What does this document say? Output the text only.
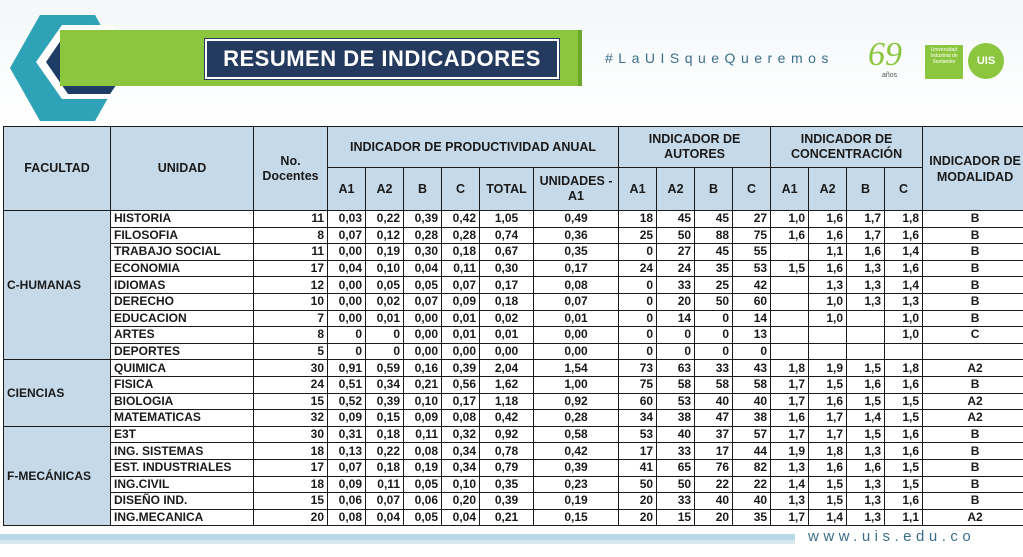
RESUMEN DE INDICADORES	#LaUISqueQueremos 69
años
Universidad Industrial de Santander	UIS
FACULTAD	UNIDAD	No. Docentes	INDICADOR DE PRODUCTIVIDAD ANUAL						INDICADOR DE AUTORES				INDICADOR DE CONCENTRACIÓN				INDICADOR DE MODALIDAD
			A1	A2	B	C	TOTAL	UNIDADES -A1	A1	A2	B	C	A1	A2	B	C	
C-HUMANAS	HISTORIA	11	0,03	0,22	0,39	0,42	1,05	0,49	18	45	45	27	1,0	1,6	1,7	1,8	B
	FILOSOFIA	8	0,07	0,12	0,28	0,28	0,74	0,36	25	50	88	75	1,6	1,6	1,7	1,6	B
	TRABAJO SOCIAL	11	0,00	0,19	0,30	0,18	0,67	0,35	0	27	45	55		1,1	1,6	1,4	B
	ECONOMIA	17	0,04	0,10	0,04	0,11	0,30	0,17	24	24	35	53	1,5	1,6	1,3	1,6	B
	IDIOMAS	12	0,00	0,05	0,05	0,07	0,17	0,08	0	33	25	42		1,3	1,3	1,4	B
	DERECHO	10	0,00	0,02	0,07	0,09	0,18	0,07	0	20	50	60		1,0	1,3	1,3	B
	EDUCACION	7	0,00	0,01	0,00	0,01	0,02	0,01	0	14	0	14		1,0		1,0	B
	ARTES	8	0	0	0,00	0,01	0,01	0,00	0	0	0	13				1,0	C
	DEPORTES	5	0	0	0,00	0,00	0,00	0,00	0	0	0	0					
CIENCIAS	QUIMICA	30	0,91	0,59	0,16	0,39	2,04	1,54	73	63	33	43	1,8	1,9	1,5	1,8	A2
	FISICA	24	0,51	0,34	0,21	0,56	1,62	1,00	75	58	58	58	1,7	1,5	1,6	1,6	B
	BIOLOGIA	15	0,52	0,39	0,10	0,17	1,18	0,92	60	53	40	40	1,7	1,6	1,5	1,5	A2
	MATEMATICAS	32	0,09	0,15	0,09	0,08	0,42	0,28	34	38	47	38	1,6	1,7	1,4	1,5	A2
F-MECÁNICAS	E3T	30	0,31	0,18	0,11	0,32	0,92	0,58	53	40	37	57	1,7	1,7	1,5	1,6	B
	ING. SISTEMAS	18	0,13	0,22	0,08	0,34	0,78	0,42	17	33	17	44	1,9	1,8	1,3	1,6	B
	EST. INDUSTRIALES	17	0,07	0,18	0,19	0,34	0,79	0,39	41	65	76	82	1,3	1,6	1,6	1,5	B
	ING.CIVIL	18	0,09	0,11	0,05	0,10	0,35	0,23	50	50	22	22	1,4	1,5	1,3	1,5	B
	DISEÑO IND.	15	0,06	0,07	0,06	0,20	0,39	0,19	20	33	40	40	1,3	1,5	1,3	1,6	B
	ING.MECANICA	20	0,08	0,04	0,05	0,04	0,21	0,15	20	15	20	35	1,7	1,4	1,3	1,1	A2
www.uis.edu.co
